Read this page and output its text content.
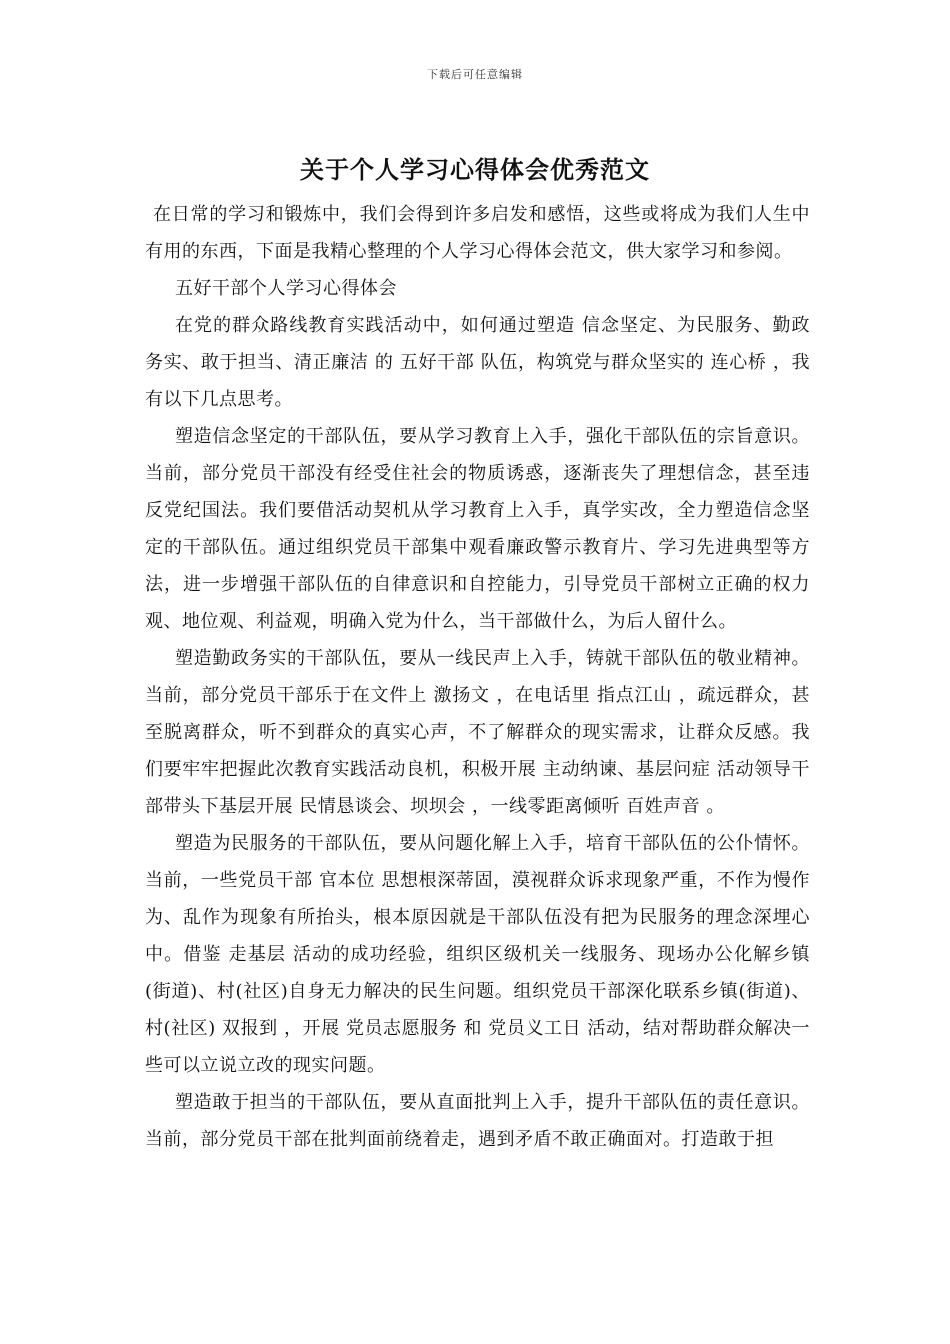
下载后可任意编辑
关于个人学习心得体会优秀范文

在日常的学习和锻炼中，我们会得到许多启发和感悟，这些或将成为我们人生中有用的东西，下面是我精心整理的个人学习心得体会范文，供大家学习和参阅。

五好干部个人学习心得体会

在党的群众路线教育实践活动中，如何通过塑造 信念坚定、为民服务、勤政务实、敢于担当、清正廉洁 的 五好干部 队伍，构筑党与群众坚实的 连心桥 ，我有以下几点思考。

塑造信念坚定的干部队伍，要从学习教育上入手，强化干部队伍的宗旨意识。当前，部分党员干部没有经受住社会的物质诱惑，逐渐丧失了理想信念，甚至违反党纪国法。我们要借活动契机从学习教育上入手，真学实改，全力塑造信念坚定的干部队伍。通过组织党员干部集中观看廉政警示教育片、学习先进典型等方法，进一步增强干部队伍的自律意识和自控能力，引导党员干部树立正确的权力观、地位观、利益观，明确入党为什么，当干部做什么，为后人留什么。

塑造勤政务实的干部队伍，要从一线民声上入手，铸就干部队伍的敬业精神。当前，部分党员干部乐于在文件上 激扬文 ，在电话里 指点江山 ，疏远群众，甚至脱离群众，听不到群众的真实心声，不了解群众的现实需求，让群众反感。我们要牢牢把握此次教育实践活动良机，积极开展 主动纳谏、基层问症 活动领导干部带头下基层开展 民情恳谈会、坝坝会 ，一线零距离倾听 百姓声音 。

塑造为民服务的干部队伍，要从问题化解上入手，培育干部队伍的公仆情怀。当前，一些党员干部 官本位 思想根深蒂固，漠视群众诉求现象严重，不作为慢作为、乱作为现象有所抬头，根本原因就是干部队伍没有把为民服务的理念深埋心中。借鉴 走基层 活动的成功经验，组织区级机关一线服务、现场办公化解乡镇(街道)、村(社区)自身无力解决的民生问题。组织党员干部深化联系乡镇(街道)、村(社区) 双报到 ，开展 党员志愿服务 和 党员义工日 活动，结对帮助群众解决一些可以立说立改的现实问题。

塑造敢于担当的干部队伍，要从直面批判上入手，提升干部队伍的责任意识。当前，部分党员干部在批判面前绕着走，遇到矛盾不敢正确面对。打造敢于担
